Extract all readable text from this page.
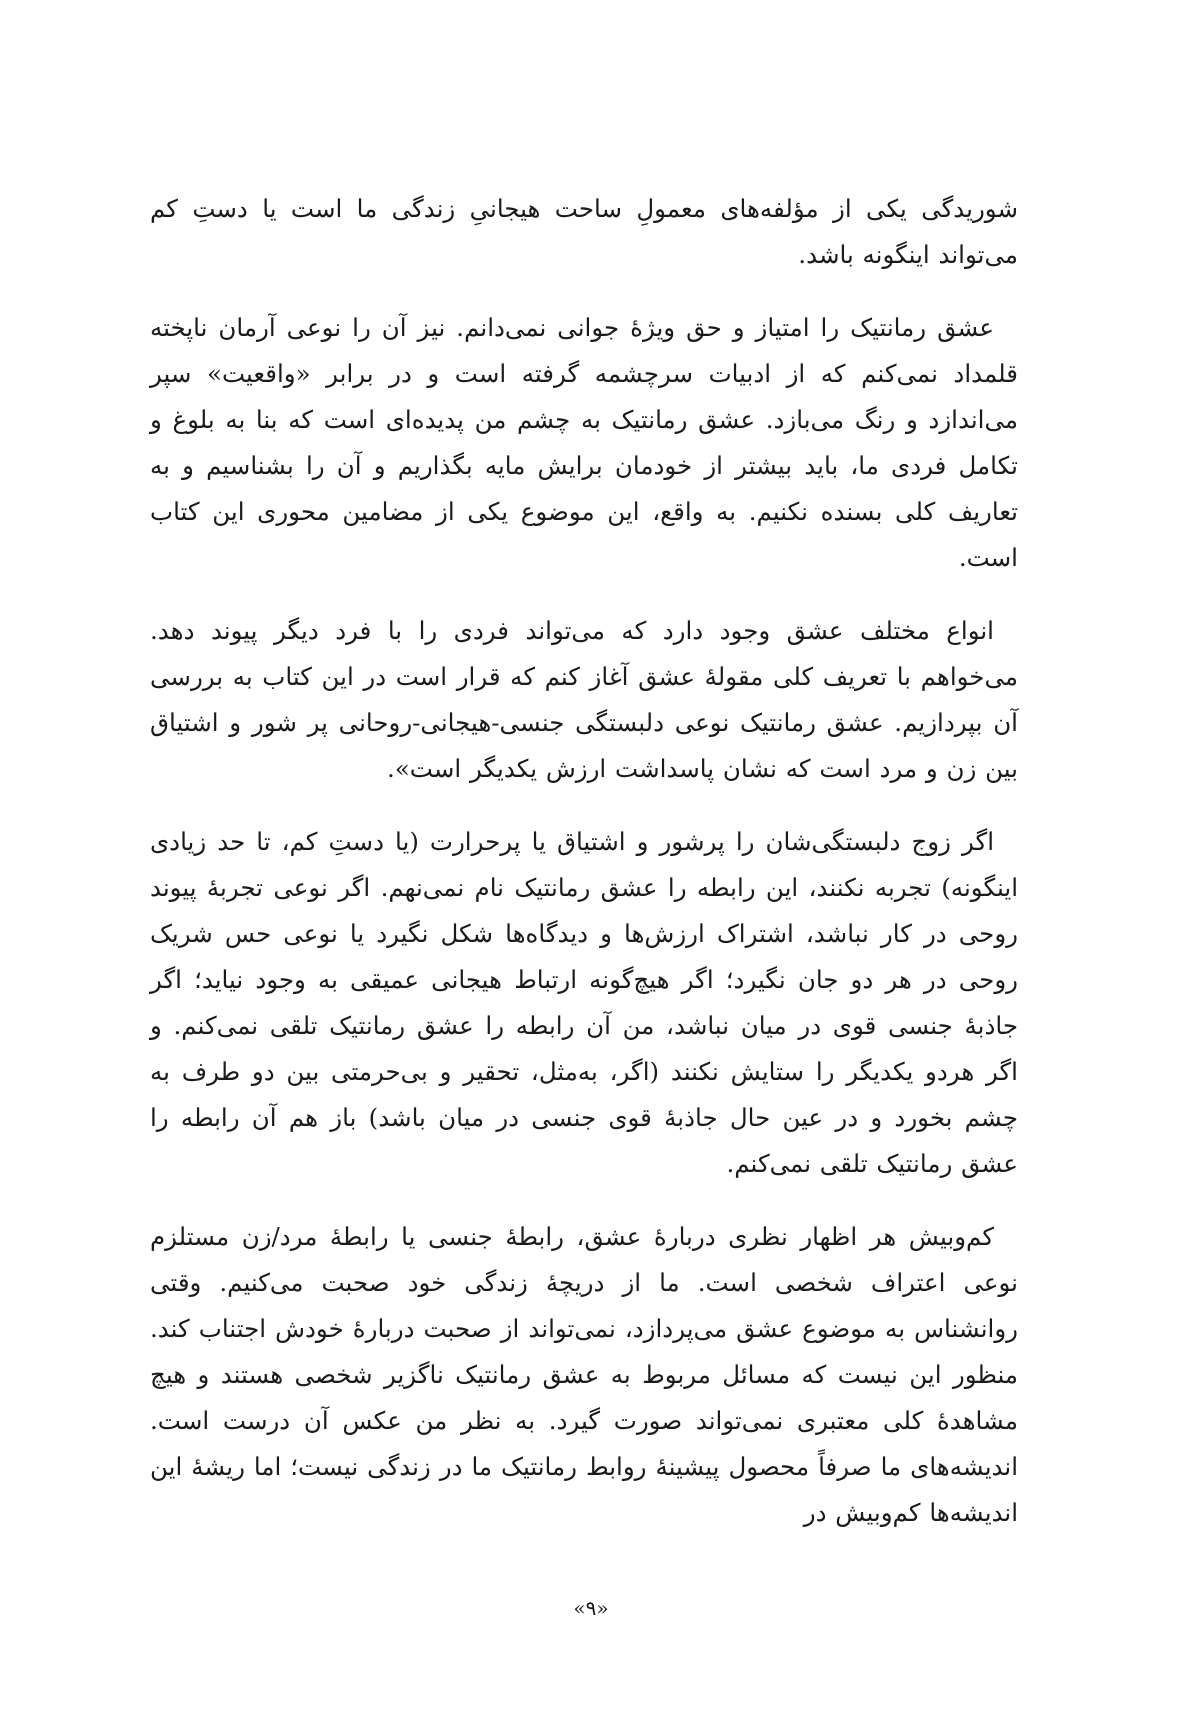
شوریدگی یکی از مؤلفه‌های معمولِ ساحت هیجانیِ زندگی ما است یا دستِ کم می‌تواند اینگونه باشد.

عشق رمانتیک را امتیاز و حق ویژهٔ جوانی نمی‌دانم. نیز آن را نوعی آرمان ناپخته قلمداد نمی‌کنم که از ادبیات سرچشمه گرفته است و در برابر «واقعیت» سپر می‌اندازد و رنگ می‌بازد. عشق رمانتیک به چشم من پدیده‌ای است که بنا به بلوغ و تکامل فردی ما، باید بیشتر از خودمان برایش مایه بگذاریم و آن را بشناسیم و به تعاریف کلی بسنده نکنیم. به واقع، این موضوع یکی از مضامین محوری این کتاب است.

انواع مختلف عشق وجود دارد که می‌تواند فردی را با فرد دیگر پیوند دهد. می‌خواهم با تعریف کلی مقولهٔ عشق آغاز کنم که قرار است در این کتاب به بررسی آن بپردازیم. عشق رمانتیک نوعی دلبستگی جنسی-هیجانی-روحانی پر شور و اشتیاق بین زن و مرد است که نشان پاسداشت ارزش یکدیگر است».

اگر زوج دلبستگی‌شان را پرشور و اشتیاق یا پرحرارت (یا دستِ کم، تا حد زیادی اینگونه) تجربه نکنند، این رابطه را عشق رمانتیک نام نمی‌نهم. اگر نوعی تجربهٔ پیوند روحی در کار نباشد، اشتراک ارزش‌ها و دیدگاه‌ها شکل نگیرد یا نوعی حس شریک روحی در هر دو جان نگیرد؛ اگر هیچ‌گونه ارتباط هیجانی عمیقی به وجود نیاید؛ اگر جاذبهٔ جنسی قوی در میان نباشد، من آن رابطه را عشق رمانتیک تلقی نمی‌کنم. و اگر هردو یکدیگر را ستایش نکنند (اگر، به‌مثل، تحقیر و بی‌حرمتی بین دو طرف به چشم بخورد و در عین حال جاذبهٔ قوی جنسی در میان باشد) باز هم آن رابطه را عشق رمانتیک تلقی نمی‌کنم.

کم‌وبیش هر اظهار نظری دربارهٔ عشق، رابطهٔ جنسی یا رابطهٔ مرد/زن مستلزم نوعی اعتراف شخصی است. ما از دریچهٔ زندگی خود صحبت می‌کنیم. وقتی روانشناس به موضوع عشق می‌پردازد، نمی‌تواند از صحبت دربارهٔ خودش اجتناب کند. منظور این نیست که مسائل مربوط به عشق رمانتیک ناگزیر شخصی هستند و هیچ مشاهدهٔ کلی معتبری نمی‌تواند صورت گیرد. به نظر من عکس آن درست است. اندیشه‌های ما صرفاً محصول پیشینهٔ روابط رمانتیک ما در زندگی نیست؛ اما ریشهٔ این اندیشه‌ها کم‌وبیش در

«۹»
